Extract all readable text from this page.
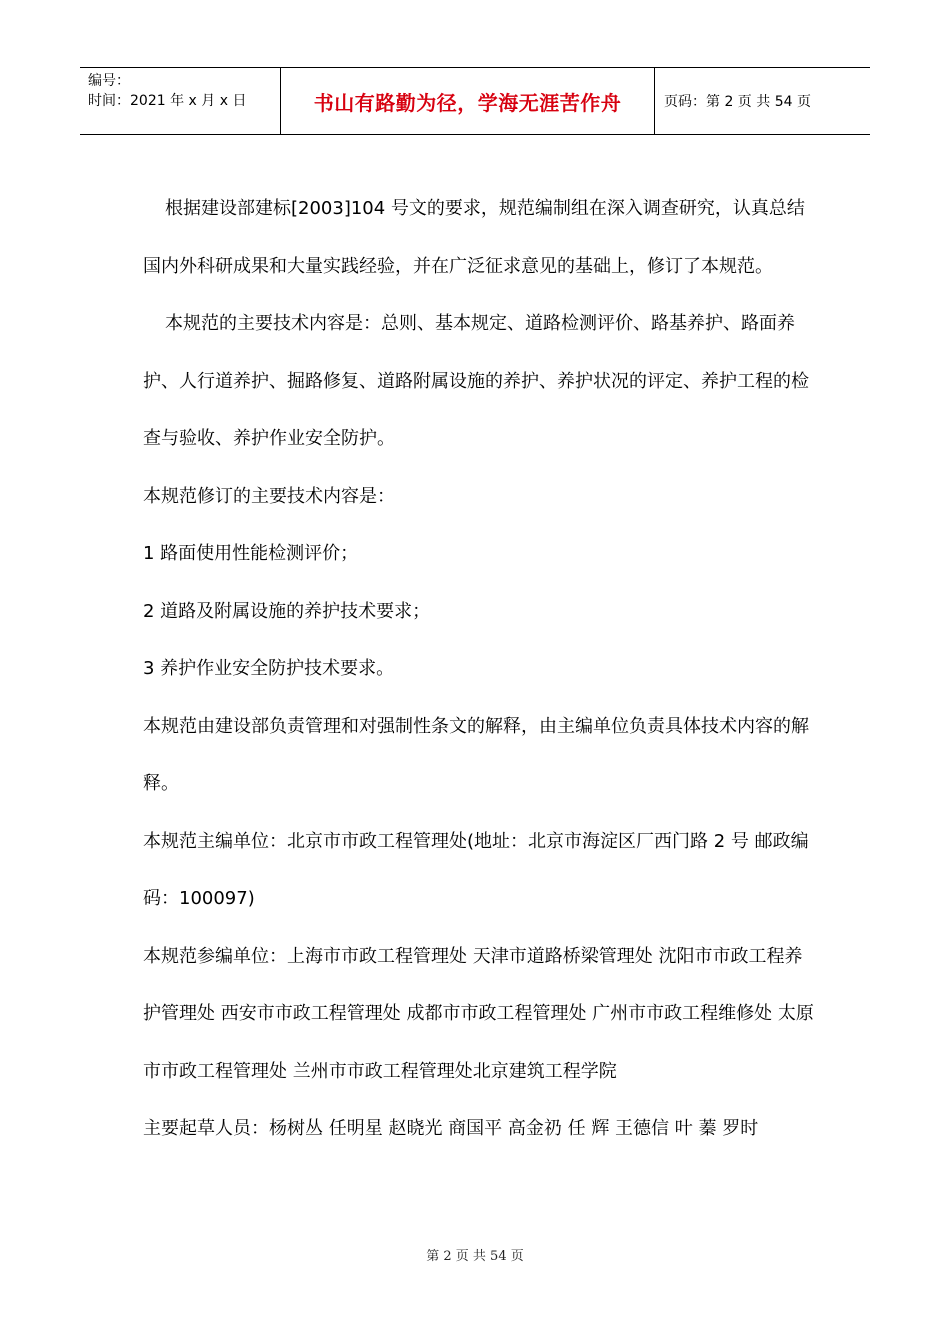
编号：
时间：2021 年 x 月 x 日	书山有路勤为径，学海无涯苦作舟	页码：第 2 页 共 54 页

根据建设部建标[2003]104 号文的要求，规范编制组在深入调查研究，认真总结国内外科研成果和大量实践经验，并在广泛征求意见的基础上，修订了本规范。

本规范的主要技术内容是：总则、基本规定、道路检测评价、路基养护、路面养护、人行道养护、掘路修复、道路附属设施的养护、养护状况的评定、养护工程的检查与验收、养护作业安全防护。

本规范修订的主要技术内容是：

1 路面使用性能检测评价；

2 道路及附属设施的养护技术要求；

3 养护作业安全防护技术要求。

本规范由建设部负责管理和对强制性条文的解释，由主编单位负责具体技术内容的解释。

本规范主编单位：北京市市政工程管理处(地址：北京市海淀区厂西门路 2 号 邮政编码：100097)

本规范参编单位：上海市市政工程管理处 天津市道路桥梁管理处 沈阳市市政工程养护管理处 西安市市政工程管理处 成都市市政工程管理处 广州市市政工程维修处 太原市市政工程管理处 兰州市市政工程管理处北京建筑工程学院

主要起草人员：杨树丛 任明星 赵晓光 商国平 高金礽 任 辉 王德信 叶 蓁 罗时

第 2 页 共 54 页
